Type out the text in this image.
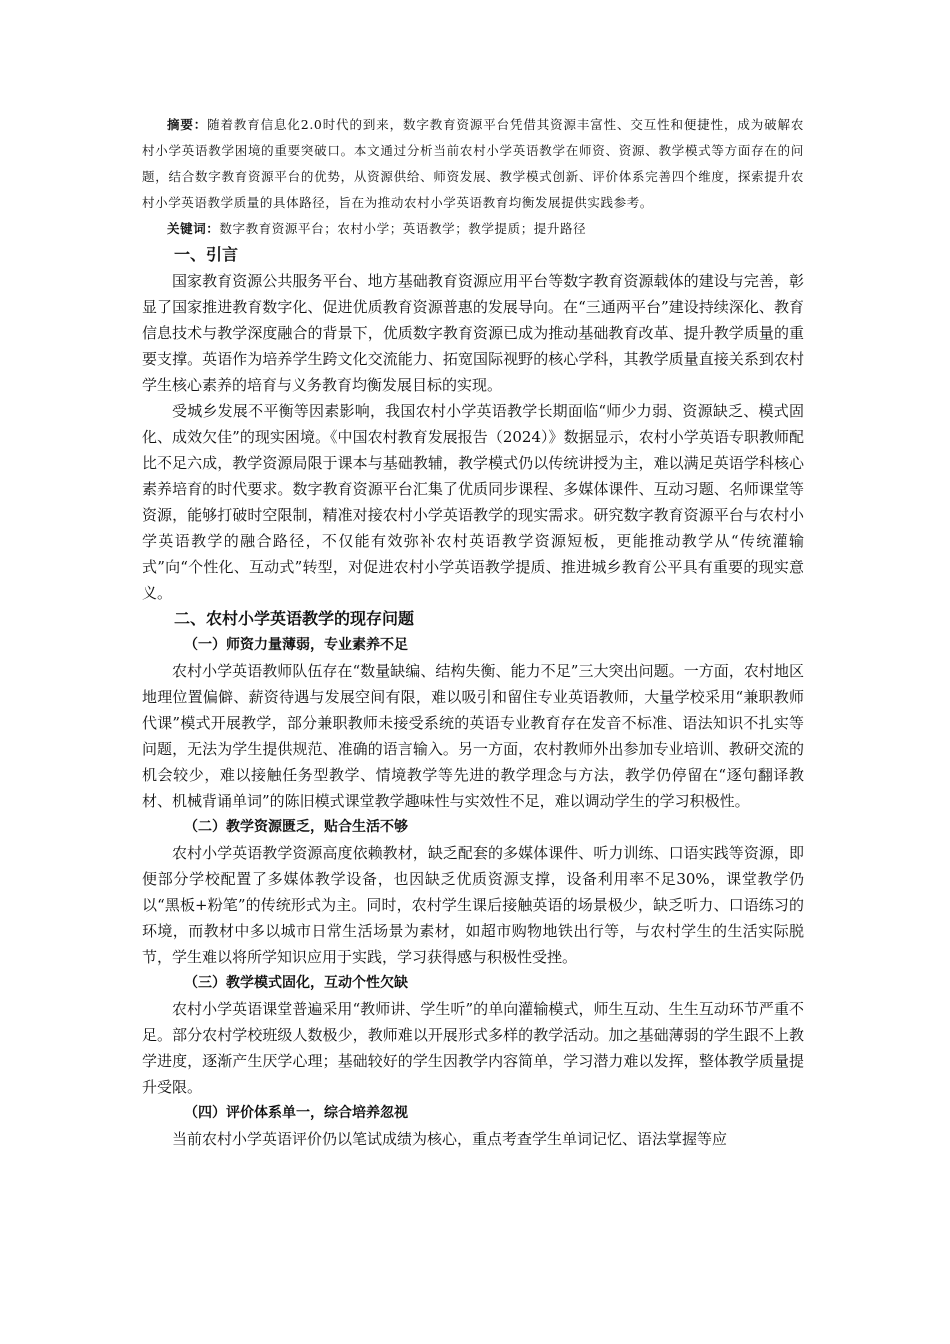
摘要：随着教育信息化2.0时代的到来，数字教育资源平台凭借其资源丰富性、交互性和便捷性，成为破解农村小学英语教学困境的重要突破口。本文通过分析当前农村小学英语教学在师资、资源、教学模式等方面存在的问题，结合数字教育资源平台的优势，从资源供给、师资发展、教学模式创新、评价体系完善四个维度，探索提升农村小学英语教学质量的具体路径，旨在为推动农村小学英语教育均衡发展提供实践参考。

关键词：数字教育资源平台；农村小学；英语教学；教学提质；提升路径

一、引言

国家教育资源公共服务平台、地方基础教育资源应用平台等数字教育资源载体的建设与完善，彰显了国家推进教育数字化、促进优质教育资源普惠的发展导向。在“三通两平台”建设持续深化、教育信息技术与教学深度融合的背景下，优质数字教育资源已成为推动基础教育改革、提升教学质量的重要支撑。英语作为培养学生跨文化交流能力、拓宽国际视野的核心学科，其教学质量直接关系到农村学生核心素养的培育与义务教育均衡发展目标的实现。

受城乡发展不平衡等因素影响，我国农村小学英语教学长期面临“师少力弱、资源缺乏、模式固化、成效欠佳”的现实困境。《中国农村教育发展报告（2024）》数据显示，农村小学英语专职教师配比不足六成，教学资源局限于课本与基础教辅，教学模式仍以传统讲授为主，难以满足英语学科核心素养培育的时代要求。数字教育资源平台汇集了优质同步课程、多媒体课件、互动习题、名师课堂等资源，能够打破时空限制，精准对接农村小学英语教学的现实需求。研究数字教育资源平台与农村小学英语教学的融合路径，不仅能有效弥补农村英语教学资源短板，更能推动教学从“传统灌输式”向“个性化、互动式”转型，对促进农村小学英语教学提质、推进城乡教育公平具有重要的现实意义。

二、农村小学英语教学的现存问题

（一）师资力量薄弱，专业素养不足

农村小学英语教师队伍存在“数量缺编、结构失衡、能力不足”三大突出问题。一方面，农村地区地理位置偏僻、薪资待遇与发展空间有限，难以吸引和留住专业英语教师，大量学校采用“兼职教师代课”模式开展教学，部分兼职教师未接受系统的英语专业教育存在发音不标准、语法知识不扎实等问题，无法为学生提供规范、准确的语言输入。另一方面，农村教师外出参加专业培训、教研交流的机会较少，难以接触任务型教学、情境教学等先进的教学理念与方法，教学仍停留在“逐句翻译教材、机械背诵单词”的陈旧模式课堂教学趣味性与实效性不足，难以调动学生的学习积极性。

（二）教学资源匮乏，贴合生活不够

农村小学英语教学资源高度依赖教材，缺乏配套的多媒体课件、听力训练、口语实践等资源，即便部分学校配置了多媒体教学设备，也因缺乏优质资源支撑，设备利用率不足30%，课堂教学仍以“黑板+粉笔”的传统形式为主。同时，农村学生课后接触英语的场景极少，缺乏听力、口语练习的环境，而教材中多以城市日常生活场景为素材，如超市购物地铁出行等，与农村学生的生活实际脱节，学生难以将所学知识应用于实践，学习获得感与积极性受挫。

（三）教学模式固化，互动个性欠缺

农村小学英语课堂普遍采用“教师讲、学生听”的单向灌输模式，师生互动、生生互动环节严重不足。部分农村学校班级人数极少，教师难以开展形式多样的教学活动。加之基础薄弱的学生跟不上教学进度，逐渐产生厌学心理；基础较好的学生因教学内容简单，学习潜力难以发挥，整体教学质量提升受限。

（四）评价体系单一，综合培养忽视

当前农村小学英语评价仍以笔试成绩为核心，重点考查学生单词记忆、语法掌握等应
